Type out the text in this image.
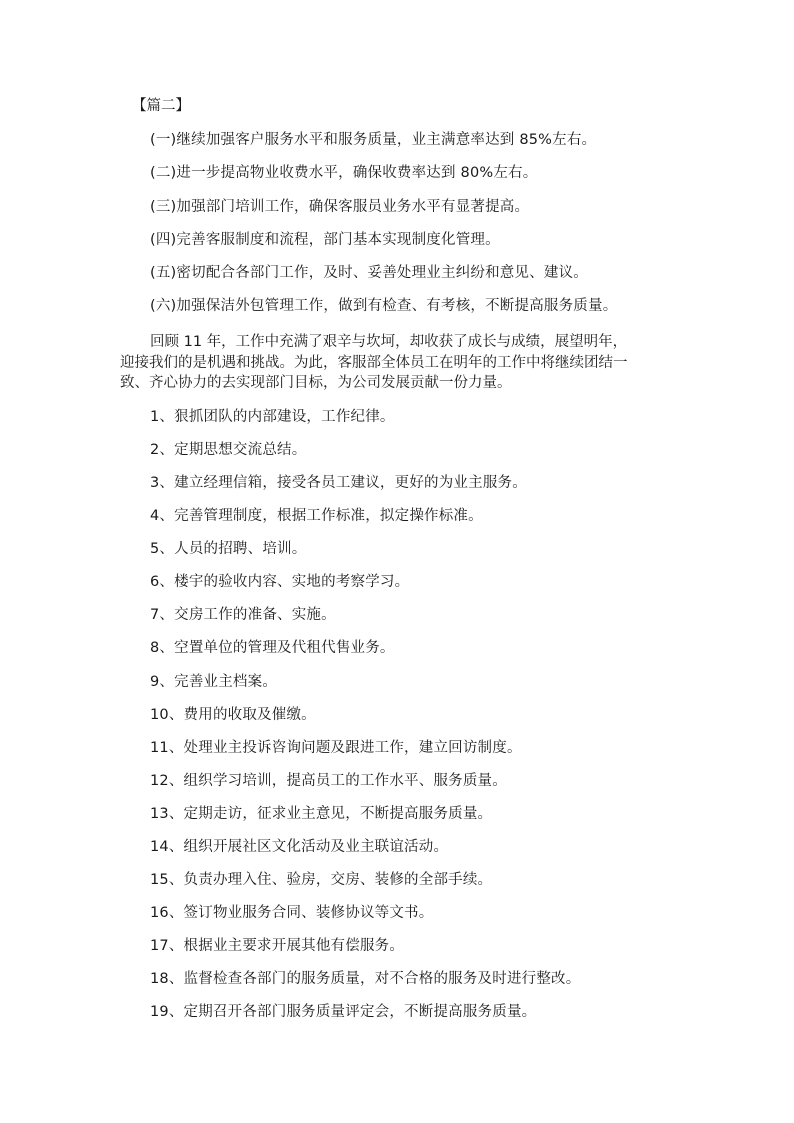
【篇二】
(一)继续加强客户服务水平和服务质量，业主满意率达到 85%左右。
(二)进一步提高物业收费水平，确保收费率达到 80%左右。
(三)加强部门培训工作，确保客服员业务水平有显著提高。
(四)完善客服制度和流程，部门基本实现制度化管理。
(五)密切配合各部门工作，及时、妥善处理业主纠纷和意见、建议。
(六)加强保洁外包管理工作，做到有检查、有考核，不断提高服务质量。
回顾 11 年，工作中充满了艰辛与坎坷，却收获了成长与成绩，展望明年，
迎接我们的是机遇和挑战。为此，客服部全体员工在明年的工作中将继续团结一
致、齐心协力的去实现部门目标，为公司发展贡献一份力量。
1、狠抓团队的内部建设，工作纪律。
2、定期思想交流总结。
3、建立经理信箱，接受各员工建议，更好的为业主服务。
4、完善管理制度，根据工作标准，拟定操作标准。
5、人员的招聘、培训。
6、楼宇的验收内容、实地的考察学习。
7、交房工作的准备、实施。
8、空置单位的管理及代租代售业务。
9、完善业主档案。
10、费用的收取及催缴。
11、处理业主投诉咨询问题及跟进工作，建立回访制度。
12、组织学习培训，提高员工的工作水平、服务质量。
13、定期走访，征求业主意见，不断提高服务质量。
14、组织开展社区文化活动及业主联谊活动。
15、负责办理入住、验房，交房、装修的全部手续。
16、签订物业服务合同、装修协议等文书。
17、根据业主要求开展其他有偿服务。
18、监督检查各部门的服务质量，对不合格的服务及时进行整改。
19、定期召开各部门服务质量评定会，不断提高服务质量。
